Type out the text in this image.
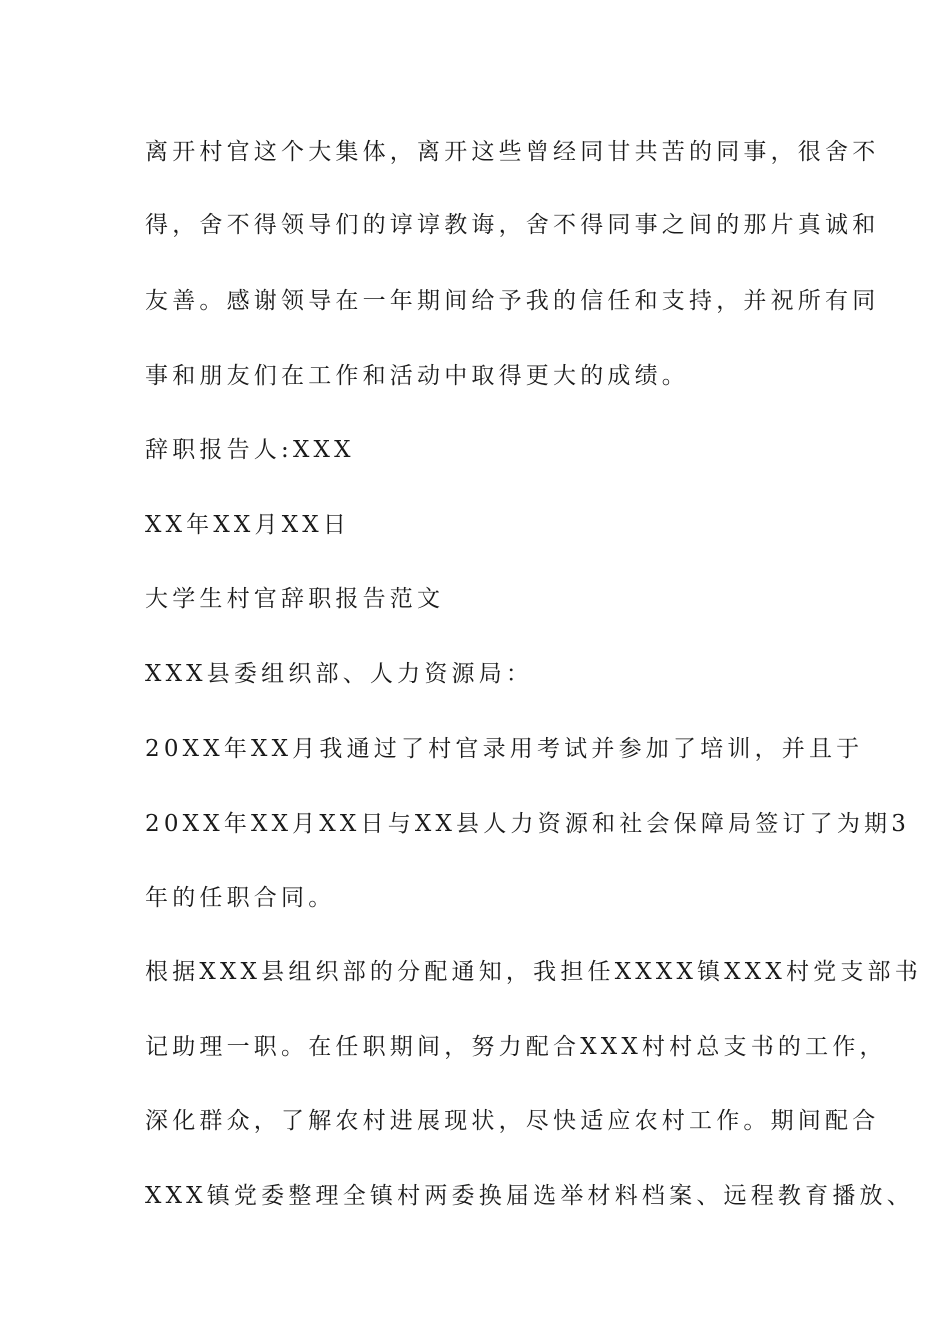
离开村官这个大集体，离开这些曾经同甘共苦的同事，很舍不
得，舍不得领导们的谆谆教诲，舍不得同事之间的那片真诚和
友善。感谢领导在一年期间给予我的信任和支持，并祝所有同
事和朋友们在工作和活动中取得更大的成绩。
辞职报告人:XXX
XX年XX月XX日
大学生村官辞职报告范文
XXX县委组织部、人力资源局：
20XX年XX月我通过了村官录用考试并参加了培训，并且于
20XX年XX月XX日与XX县人力资源和社会保障局签订了为期3
年的任职合同。
根据XXX县组织部的分配通知，我担任XXXX镇XXX村党支部书
记助理一职。在任职期间，努力配合XXX村村总支书的工作，
深化群众，了解农村进展现状，尽快适应农村工作。期间配合
XXX镇党委整理全镇村两委换届选举材料档案、远程教育播放、
